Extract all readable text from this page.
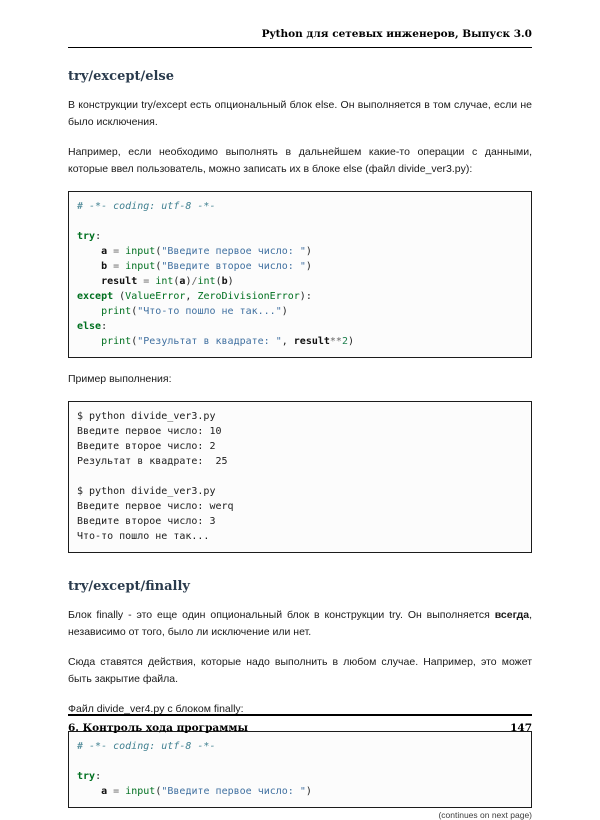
Python для сетевых инженеров, Выпуск 3.0
try/except/else

В конструкции try/except есть опциональный блок else. Он выполняется в том случае, если не было исключения.

Например, если необходимо выполнять в дальнейшем какие-то операции с данными, которые ввел пользователь, можно записать их в блоке else (файл divide_ver3.py):

# -*- coding: utf-8 -*-

try:
a = input("Введите первое число: ")
b = input("Введите второе число: ")
result = int(a)/int(b)
except (ValueError, ZeroDivisionError):
print("Что-то пошло не так...")
else:
print("Результат в квадрате: ", result**2)

Пример выполнения:

$ python divide_ver3.py
Введите первое число: 10
Введите второе число: 2
Результат в квадрате:  25

$ python divide_ver3.py
Введите первое число: werq
Введите второе число: 3
Что-то пошло не так...
try/except/finally

Блок finally - это еще один опциональный блок в конструкции try. Он выполняется всегда, независимо от того, было ли исключение или нет.

Сюда ставятся действия, которые надо выполнить в любом случае. Например, это может быть закрытие файла.

Файл divide_ver4.py с блоком finally:

# -*- coding: utf-8 -*-

try:
a = input("Введите первое число: ")
(continues on next page)
6. Контроль хода программы	147
